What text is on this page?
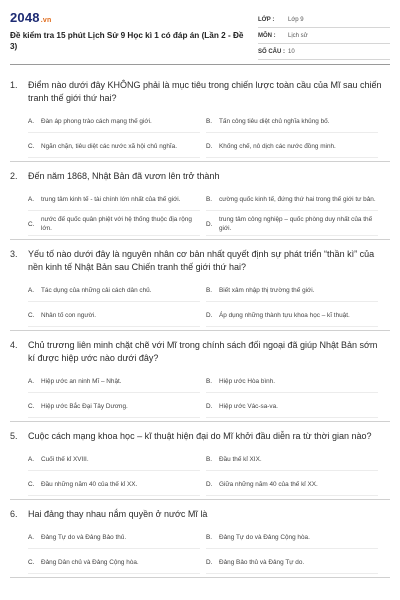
2048.vn
Đề kiểm tra 15 phút Lịch Sử 9 Học kì 1 có đáp án (Lần 2 - Đề 3)
LỚP :	Lớp 9
MÔN :	Lịch sử
SỐ CÂU : 10
1.	Điểm nào dưới đây KHÔNG phải là mục tiêu trong chiến lược toàn cầu của Mĩ sau chiến tranh thế giới thứ hai?
A.	Đàn áp phong trào cách mạng thế giới.	B.	Tấn công tiêu diệt chủ nghĩa khủng bố.
C.	Ngăn chặn, tiêu diệt các nước xã hội chủ nghĩa.	D.	Khống chế, nô dịch các nước đồng minh.
2.	Đến năm 1868, Nhật Bản đã vươn lên trở thành
A.	trung tâm kinh tế - tài chính lớn nhất của thế giới.	B.	cường quốc kinh tế, đứng thứ hai trong thế giới tư bản.
C.
nước đế quốc quân phiệt với hệ thống thuộc địa rộng lớn.
D.
trung tâm công nghiệp – quốc phòng duy nhất của thế giới.
3.	Yếu tố nào dưới đây là nguyên nhân cơ bản nhất quyết định sự phát triển “thần kì” của nền kinh tế Nhật Bản sau Chiến tranh thế giới thứ hai?
A.	Tác dụng của những cải cách dân chủ.	B.	Biết xâm nhập thị trường thế giới.
C.	Nhân tố con người.	D.	Áp dụng những thành tựu khoa học – kĩ thuật.
4.	Chủ trương liên minh chặt chẽ với Mĩ trong chính sách đối ngoại đã giúp Nhật Bản sớm kí được hiệp ước nào dưới đây?
A.	Hiệp ước an ninh Mĩ – Nhật.	B.	Hiệp ước Hòa bình.
C.	Hiệp ước Bắc Đại Tây Dương.	D.	Hiệp ước Vác-sa-va.
5.	Cuộc cách mạng khoa học – kĩ thuật hiện đại do Mĩ khởi đầu diễn ra từ thời gian nào?
A.	Cuối thế kỉ XVIII.	B.	Đầu thế kỉ XIX.
C.	Đầu những năm 40 của thế kỉ XX.	D.	Giữa những năm 40 của thế kỉ XX.
6.	Hai đảng thay nhau nắm quyền ở nước Mĩ là
A.	Đảng Tự do và Đảng Bảo thủ.	B.	Đảng Tự do và Đảng Cộng hòa.
C.	Đảng Dân chủ và Đảng Cộng hòa.	D.	Đảng Bảo thủ và Đảng Tự do.
